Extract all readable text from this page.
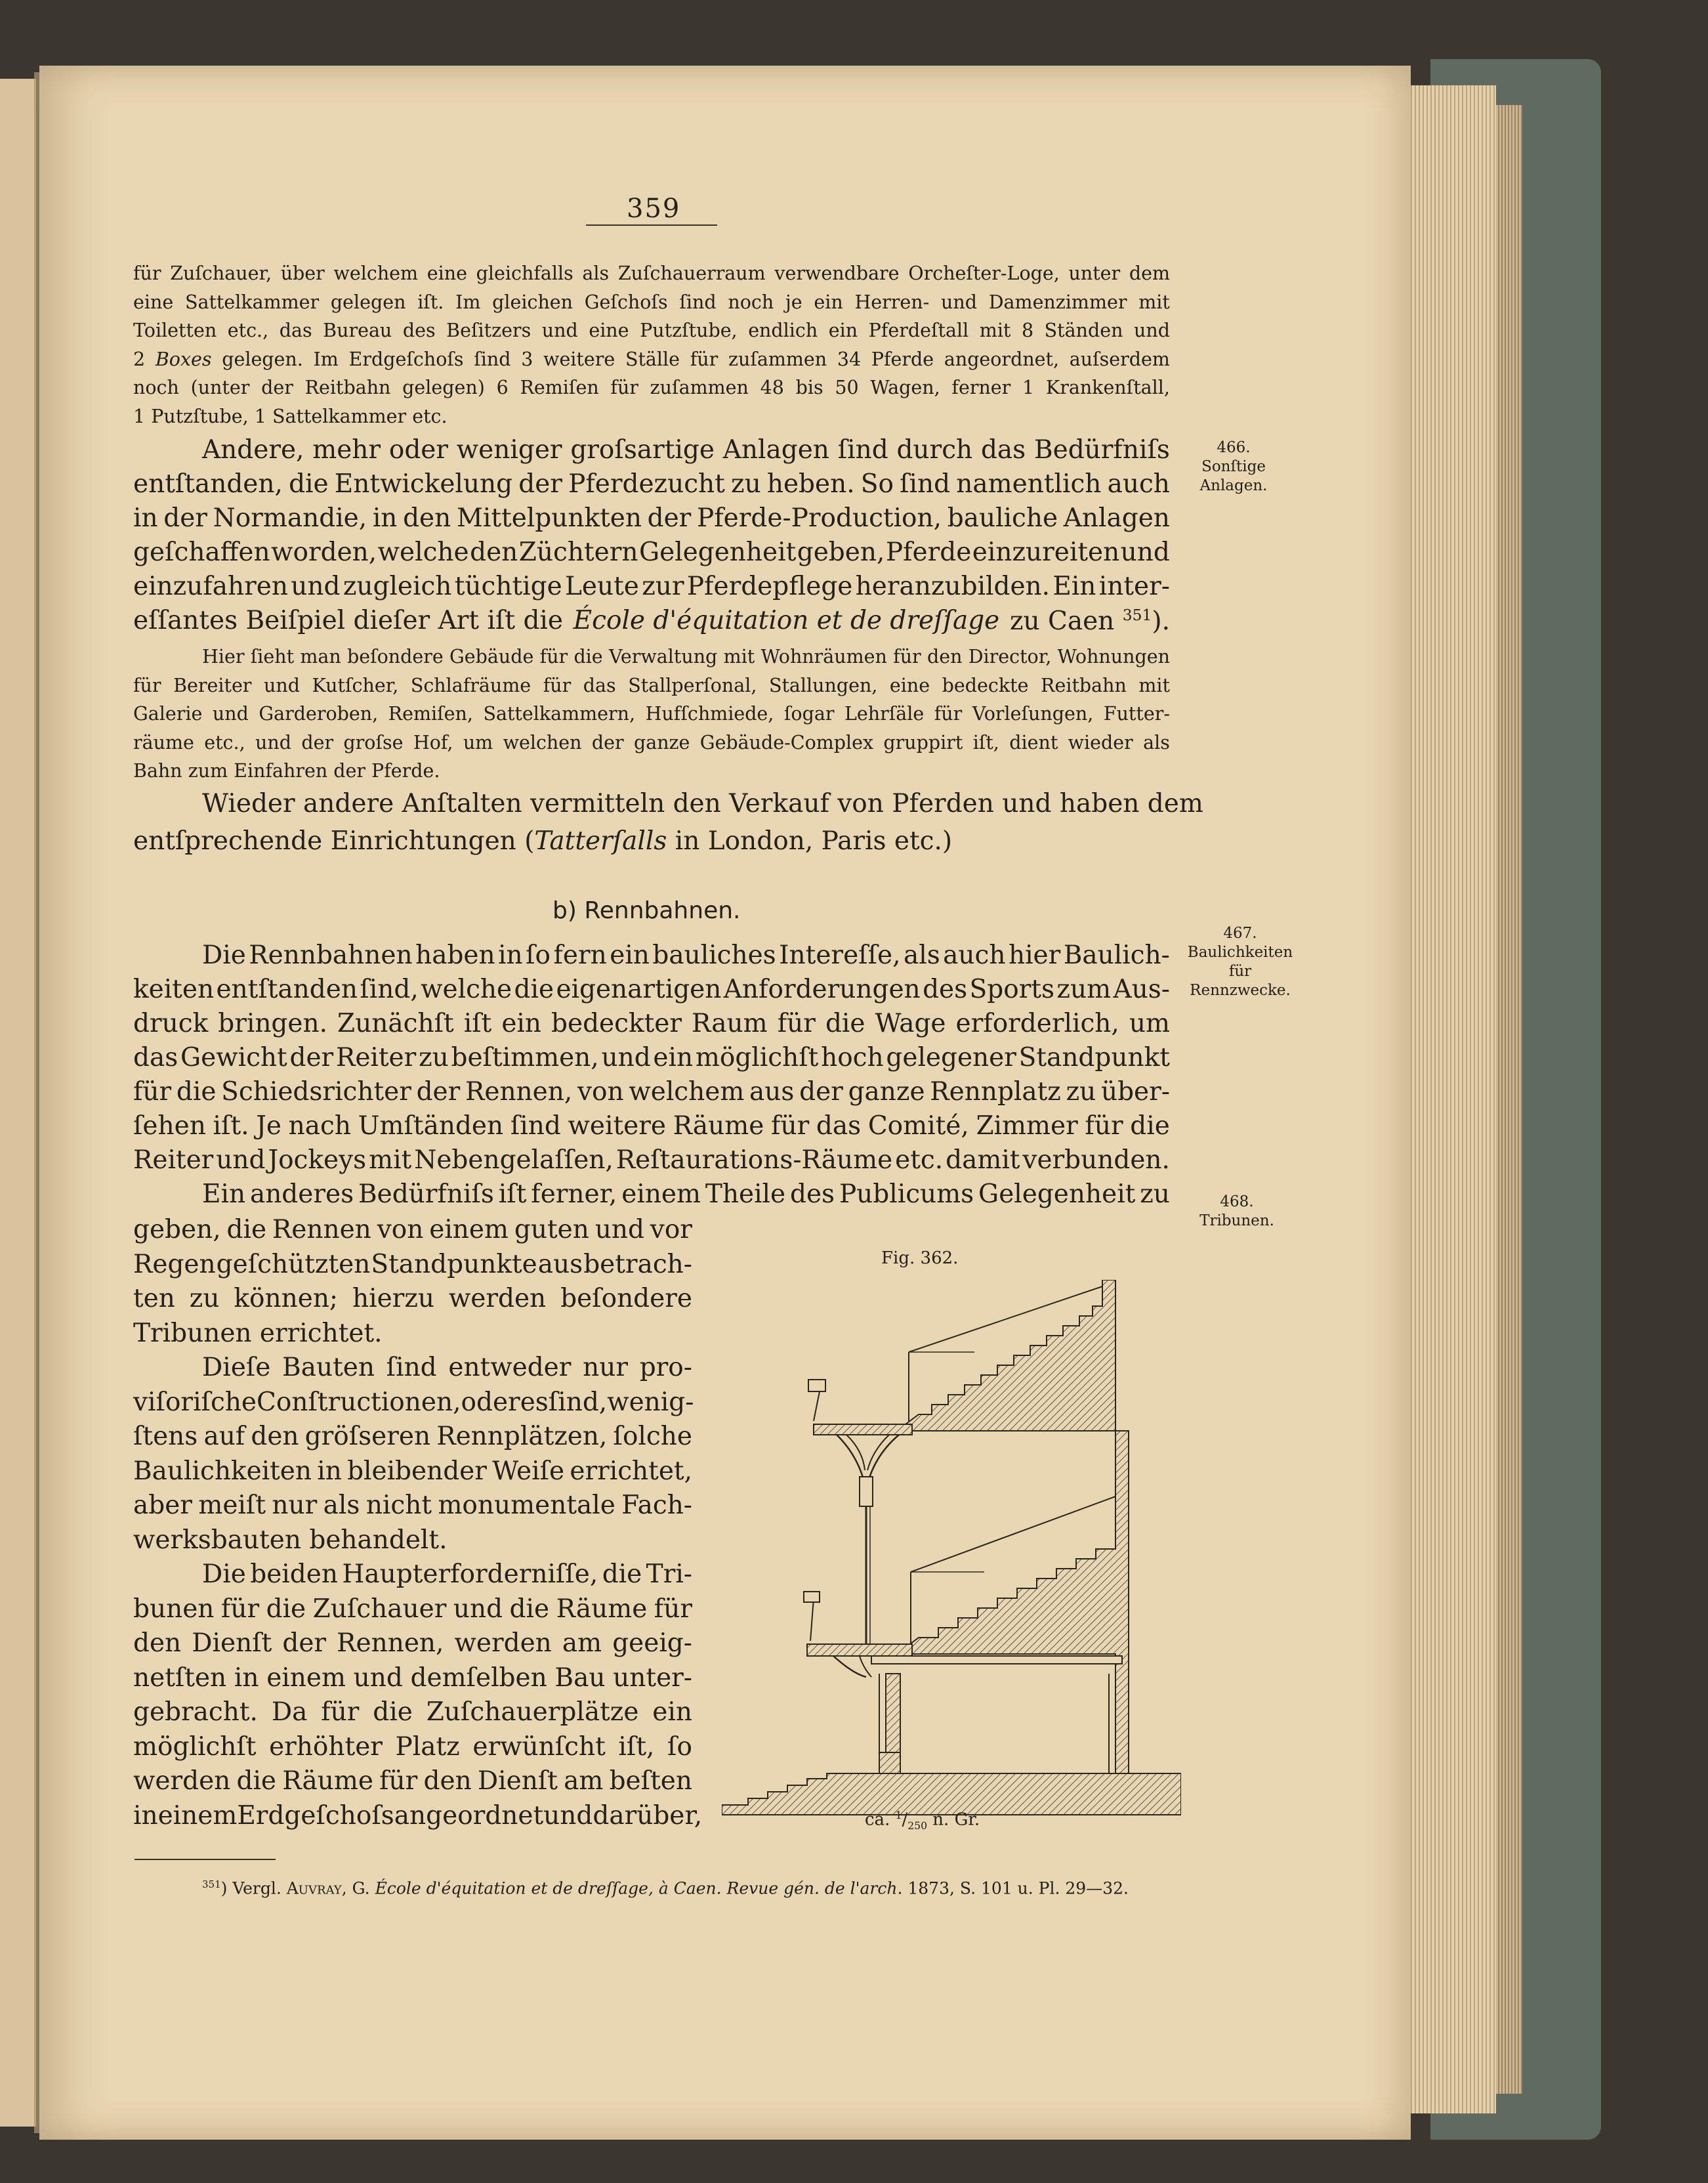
359
für Zuſchauer, über welchem eine gleichfalls als Zuſchauerraum verwendbare Orcheſter-Loge, unter dem
eine Sattelkammer gelegen iſt. Im gleichen Geſchoſs ſind noch je ein Herren- und Damenzimmer mit
Toiletten etc., das Bureau des Beſitzers und eine Putzſtube, endlich ein Pferdeſtall mit 8 Ständen und
2 Boxes gelegen. Im Erdgeſchoſs ſind 3 weitere Ställe für zuſammen 34 Pferde angeordnet, auſserdem
noch (unter der Reitbahn gelegen) 6 Remiſen für zuſammen 48 bis 50 Wagen, ferner 1 Krankenſtall,
1 Putzſtube, 1 Sattelkammer etc.
Andere, mehr oder weniger groſsartige Anlagen ſind durch das Bedürfniſs
entſtanden, die Entwickelung der Pferdezucht zu heben. So ſind namentlich auch
in der Normandie, in den Mittelpunkten der Pferde-Production, bauliche Anlagen
geſchaffen worden, welche den Züchtern Gelegenheit geben, Pferde einzureiten und
einzufahren und zugleich tüchtige Leute zur Pferdepflege heranzubilden. Ein inter-
eſſantes Beiſpiel dieſer Art iſt die École d'équitation et de dreſſage zu Caen $^{351}$).
Hier ſieht man beſondere Gebäude für die Verwaltung mit Wohnräumen für den Director, Wohnungen
für Bereiter und Kutſcher, Schlafräume für das Stallperſonal, Stallungen, eine bedeckte Reitbahn mit
Galerie und Garderoben, Remiſen, Sattelkammern, Hufſchmiede, ſogar Lehrſäle für Vorleſungen, Futter-
räume etc., und der groſse Hof, um welchen der ganze Gebäude-Complex gruppirt iſt, dient wieder als
Bahn zum Einfahren der Pferde.
Wieder andere Anſtalten vermitteln den Verkauf von Pferden und haben dem
entſprechende Einrichtungen (Tatterſalls in London, Paris etc.)
b) Rennbahnen.
Die Rennbahnen haben in ſo fern ein bauliches Intereſſe, als auch hier Baulich-
keiten entſtanden ſind, welche die eigenartigen Anforderungen des Sports zum Aus-
druck bringen. Zunächſt iſt ein bedeckter Raum für die Wage erforderlich, um
das Gewicht der Reiter zu beſtimmen, und ein möglichſt hoch gelegener Standpunkt
für die Schiedsrichter der Rennen, von welchem aus der ganze Rennplatz zu über-
ſehen iſt. Je nach Umſtänden ſind weitere Räume für das Comité, Zimmer für die
Reiter und Jockeys mit Nebengelaſſen, Reſtaurations-Räume etc. damit verbunden.
Ein anderes Bedürfniſs iſt ferner, einem Theile des Publicums Gelegenheit zu
geben, die Rennen von einem guten und vor
Regen geſchützten Standpunkte aus betrach-
ten zu können; hierzu werden beſondere
Tribunen errichtet.
Dieſe Bauten ſind entweder nur pro-
viſoriſche Conſtructionen, oder es ſind, wenig-
ſtens auf den gröſseren Rennplätzen, ſolche
Baulichkeiten in bleibender Weiſe errichtet,
aber meiſt nur als nicht monumentale Fach-
werksbauten behandelt.
Die beiden Haupterforderniſſe, die Tri-
bunen für die Zuſchauer und die Räume für
den Dienſt der Rennen, werden am geeig-
netſten in einem und demſelben Bau unter-
gebracht. Da für die Zuſchauerplätze ein
möglichſt erhöhter Platz erwünſcht iſt, ſo
werden die Räume für den Dienſt am beſten
in einem Erdgeſchoſs angeordnet und darüber,
466.
Sonſtige Anlagen.
467.
Baulichkeiten für Rennzwecke.
468.
Tribunen.
Fig. 362.
ca. $^1/_{250}$ n. Gr.
$^{351}$) Vergl. Auvray, G. École d'équitation et de dreſſage, à Caen. Revue gén. de l'arch. 1873, S. 101 u. Pl. 29—32.
